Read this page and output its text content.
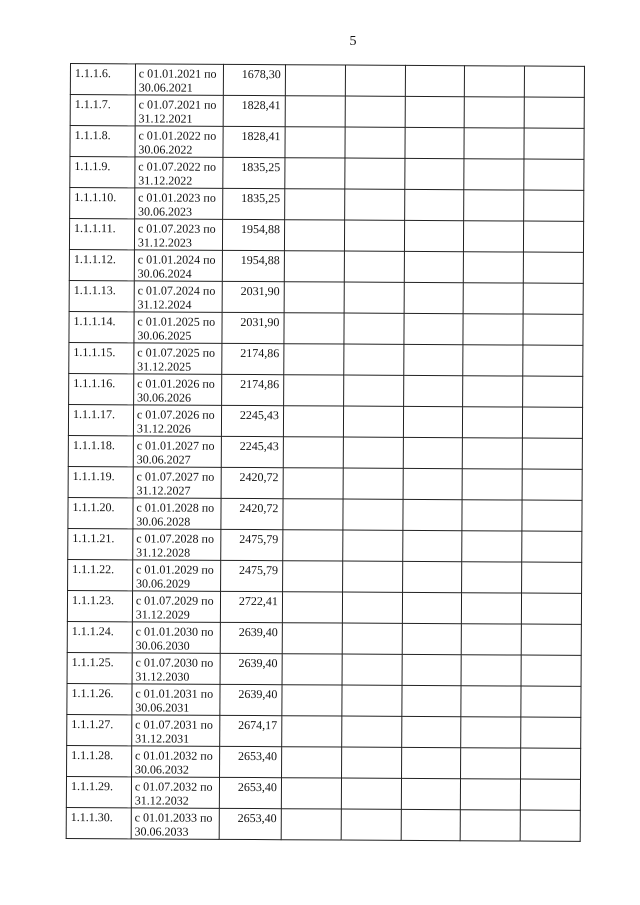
5
1.1.1.6.	с 01.01.2021 по 30.06.2021	1678,30					
1.1.1.7.	с 01.07.2021 по 31.12.2021	1828,41					
1.1.1.8.	с 01.01.2022 по 30.06.2022	1828,41					
1.1.1.9.	с 01.07.2022 по 31.12.2022	1835,25					
1.1.1.10.	с 01.01.2023 по 30.06.2023	1835,25					
1.1.1.11.	с 01.07.2023 по 31.12.2023	1954,88					
1.1.1.12.	с 01.01.2024 по 30.06.2024	1954,88					
1.1.1.13.	с 01.07.2024 по 31.12.2024	2031,90					
1.1.1.14.	с 01.01.2025 по 30.06.2025	2031,90					
1.1.1.15.	с 01.07.2025 по 31.12.2025	2174,86					
1.1.1.16.	с 01.01.2026 по 30.06.2026	2174,86					
1.1.1.17.	с 01.07.2026 по 31.12.2026	2245,43					
1.1.1.18.	с 01.01.2027 по 30.06.2027	2245,43					
1.1.1.19.	с 01.07.2027 по 31.12.2027	2420,72					
1.1.1.20.	с 01.01.2028 по 30.06.2028	2420,72					
1.1.1.21.	с 01.07.2028 по 31.12.2028	2475,79					
1.1.1.22.	с 01.01.2029 по 30.06.2029	2475,79					
1.1.1.23.	с 01.07.2029 по 31.12.2029	2722,41					
1.1.1.24.	с 01.01.2030 по 30.06.2030	2639,40					
1.1.1.25.	с 01.07.2030 по 31.12.2030	2639,40					
1.1.1.26.	с 01.01.2031 по 30.06.2031	2639,40					
1.1.1.27.	с 01.07.2031 по 31.12.2031	2674,17					
1.1.1.28.	с 01.01.2032 по 30.06.2032	2653,40					
1.1.1.29.	с 01.07.2032 по 31.12.2032	2653,40					
1.1.1.30.	с 01.01.2033 по 30.06.2033	2653,40					
